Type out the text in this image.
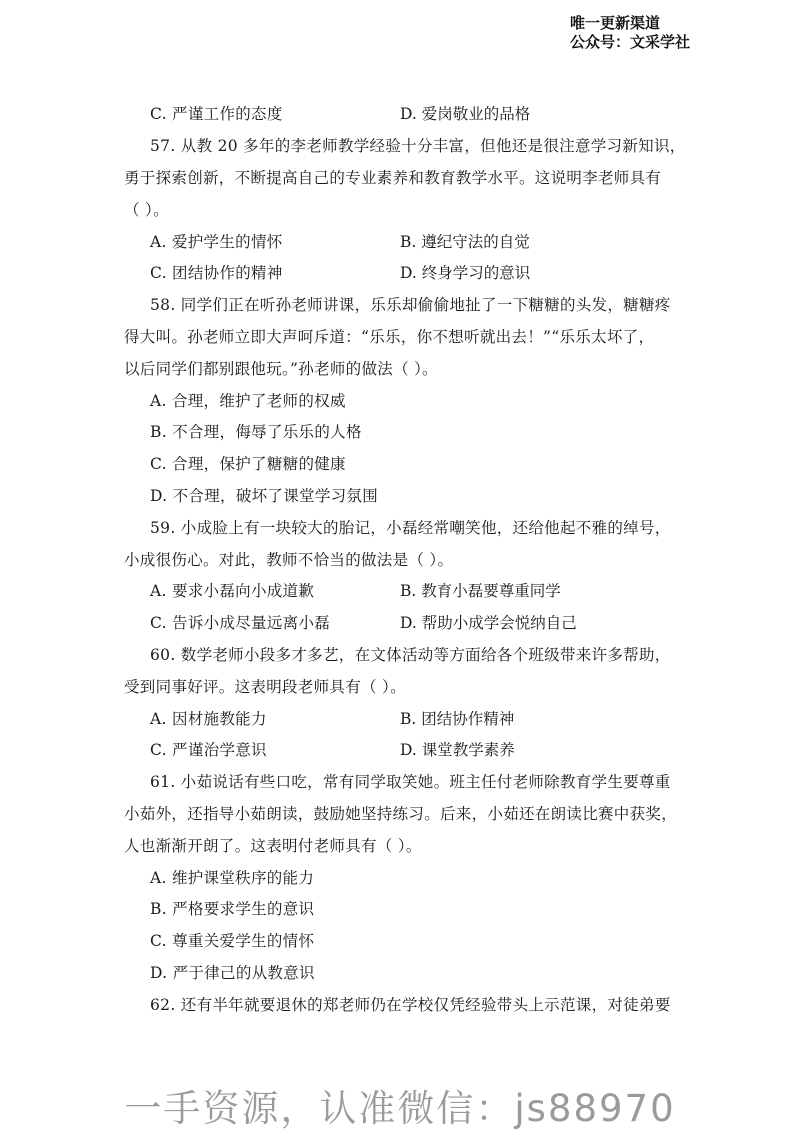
唯一更新渠道
公众号：文采学社
C. 严谨工作的态度	D. 爱岗敬业的品格
57. 从教 20 多年的李老师教学经验十分丰富，但他还是很注意学习新知识，
勇于探索创新，不断提高自己的专业素养和教育教学水平。这说明李老师具有
（ ）。
A. 爱护学生的情怀	B. 遵纪守法的自觉
C. 团结协作的精神	D. 终身学习的意识
58. 同学们正在听孙老师讲课，乐乐却偷偷地扯了一下糖糖的头发，糖糖疼
得大叫。孙老师立即大声呵斥道：“乐乐，你不想听就出去！”“乐乐太坏了，
以后同学们都别跟他玩。”孙老师的做法（ ）。
A. 合理，维护了老师的权威
B. 不合理，侮辱了乐乐的人格
C. 合理，保护了糖糖的健康
D. 不合理，破坏了课堂学习氛围
59. 小成脸上有一块较大的胎记，小磊经常嘲笑他，还给他起不雅的绰号，
小成很伤心。对此，教师不恰当的做法是（ ）。
A. 要求小磊向小成道歉	B. 教育小磊要尊重同学
C. 告诉小成尽量远离小磊	D. 帮助小成学会悦纳自己
60. 数学老师小段多才多艺，在文体活动等方面给各个班级带来许多帮助，
受到同事好评。这表明段老师具有（ ）。
A. 因材施教能力	B. 团结协作精神
C. 严谨治学意识	D. 课堂教学素养
61. 小茹说话有些口吃，常有同学取笑她。班主任付老师除教育学生要尊重
小茹外，还指导小茹朗读，鼓励她坚持练习。后来，小茹还在朗读比赛中获奖，
人也渐渐开朗了。这表明付老师具有（ ）。
A. 维护课堂秩序的能力
B. 严格要求学生的意识
C. 尊重关爱学生的情怀
D. 严于律己的从教意识
62. 还有半年就要退休的郑老师仍在学校仅凭经验带头上示范课，对徒弟要
一手资源，认准微信：js88970
